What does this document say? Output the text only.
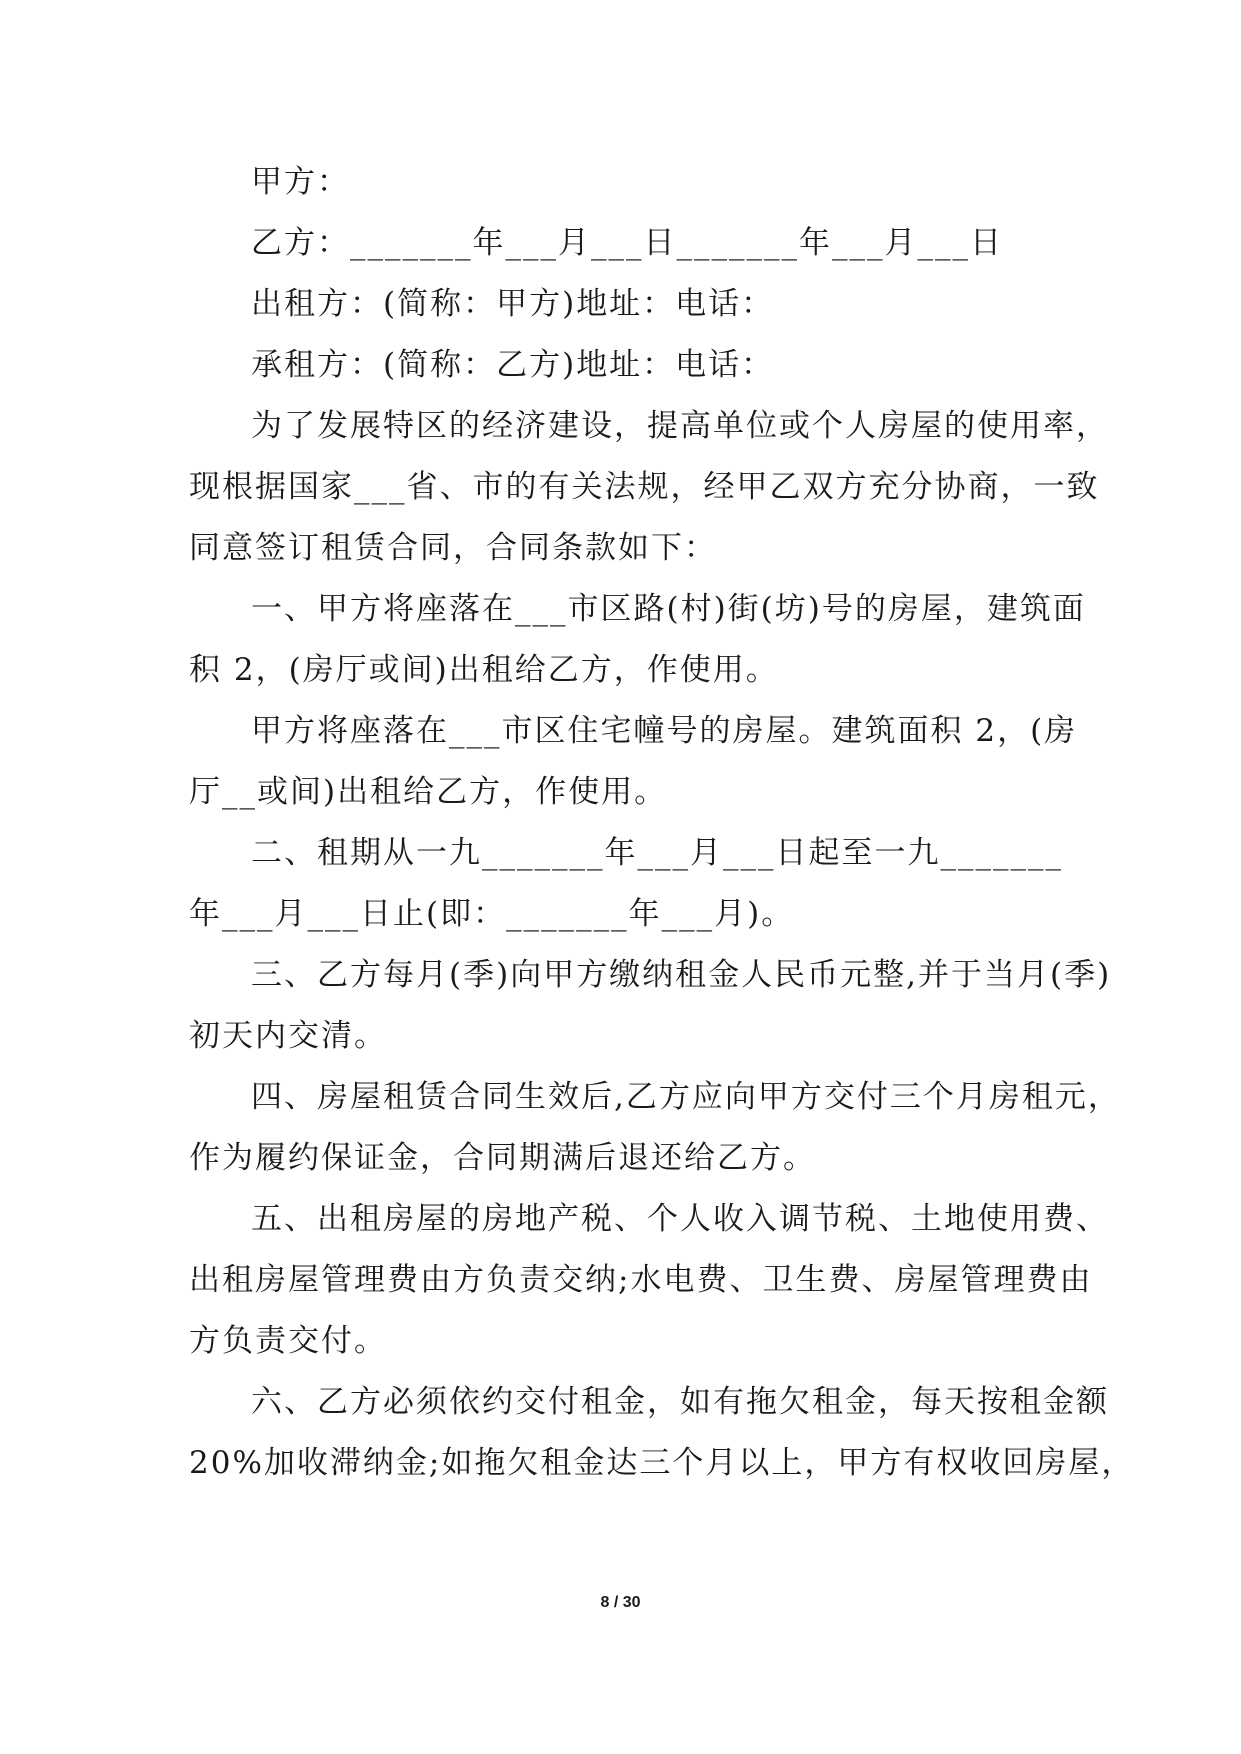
甲方：
乙方：_______年___月___日_______年___月___日
出租方：(简称：甲方)地址：电话：
承租方：(简称：乙方)地址：电话：
为了发展特区的经济建设，提高单位或个人房屋的使用率，
现根据国家___省、市的有关法规，经甲乙双方充分协商，一致
同意签订租赁合同，合同条款如下：
一、甲方将座落在___市区路(村)街(坊)号的房屋，建筑面
积 2，(房厅或间)出租给乙方，作使用。
甲方将座落在___市区住宅幢号的房屋。建筑面积 2，(房
厅__或间)出租给乙方，作使用。
二、租期从一九_______年___月___日起至一九_______
年___月___日止(即：_______年___月)。
三、乙方每月(季)向甲方缴纳租金人民币元整,并于当月(季)
初天内交清。
四、房屋租赁合同生效后,乙方应向甲方交付三个月房租元，
作为履约保证金，合同期满后退还给乙方。
五、出租房屋的房地产税、个人收入调节税、土地使用费、
出租房屋管理费由方负责交纳;水电费、卫生费、房屋管理费由
方负责交付。
六、乙方必须依约交付租金，如有拖欠租金，每天按租金额
20%加收滞纳金;如拖欠租金达三个月以上，甲方有权收回房屋，
8 / 30
